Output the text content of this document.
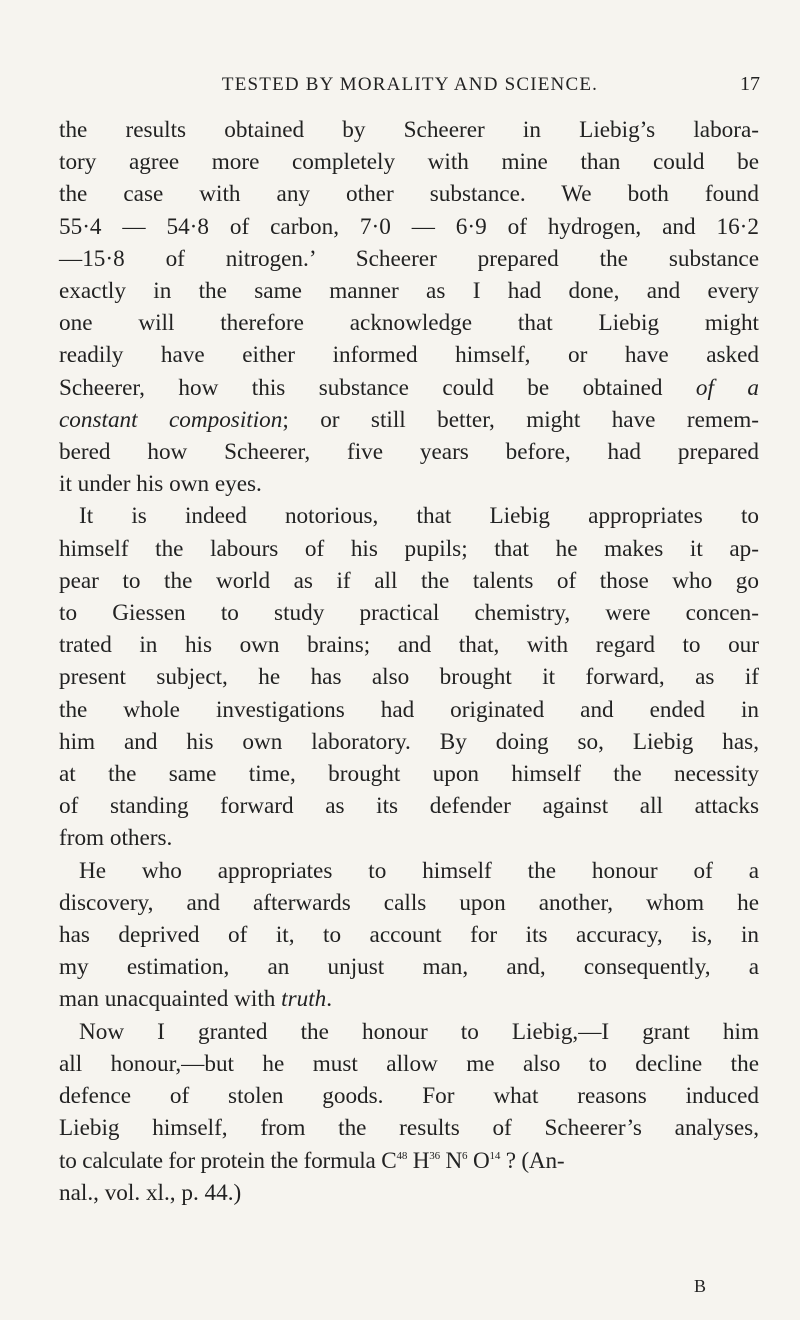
TESTED BY MORALITY AND SCIENCE.	17

the results obtained by Scheerer in Liebig’s labora-
tory agree more completely with mine than could be
the case with any other substance. We both found
55·4 — 54·8 of carbon, 7·0 — 6·9 of hydrogen, and 16·2
—15·8 of nitrogen.’ Scheerer prepared the substance
exactly in the same manner as I had done, and every
one will therefore acknowledge that Liebig might
readily have either informed himself, or have asked
Scheerer, how this substance could be obtained of a
constant composition; or still better, might have remem-
bered how Scheerer, five years before, had prepared
it under his own eyes.

It is indeed notorious, that Liebig appropriates to
himself the labours of his pupils; that he makes it ap-
pear to the world as if all the talents of those who go
to Giessen to study practical chemistry, were concen-
trated in his own brains; and that, with regard to our
present subject, he has also brought it forward, as if
the whole investigations had originated and ended in
him and his own laboratory. By doing so, Liebig has,
at the same time, brought upon himself the necessity
of standing forward as its defender against all attacks
from others.

He who appropriates to himself the honour of a
discovery, and afterwards calls upon another, whom he
has deprived of it, to account for its accuracy, is, in
my estimation, an unjust man, and, consequently, a
man unacquainted with truth.

Now I granted the honour to Liebig,—I grant him
all honour,—but he must allow me also to decline the
defence of stolen goods. For what reasons induced
Liebig himself, from the results of Scheerer’s analyses,
to calculate for protein the formula $C^{48}$ $H^{36}$ $N^6$ $O^{14}$ ? (An-
nal., vol. xl., p. 44.)

B
